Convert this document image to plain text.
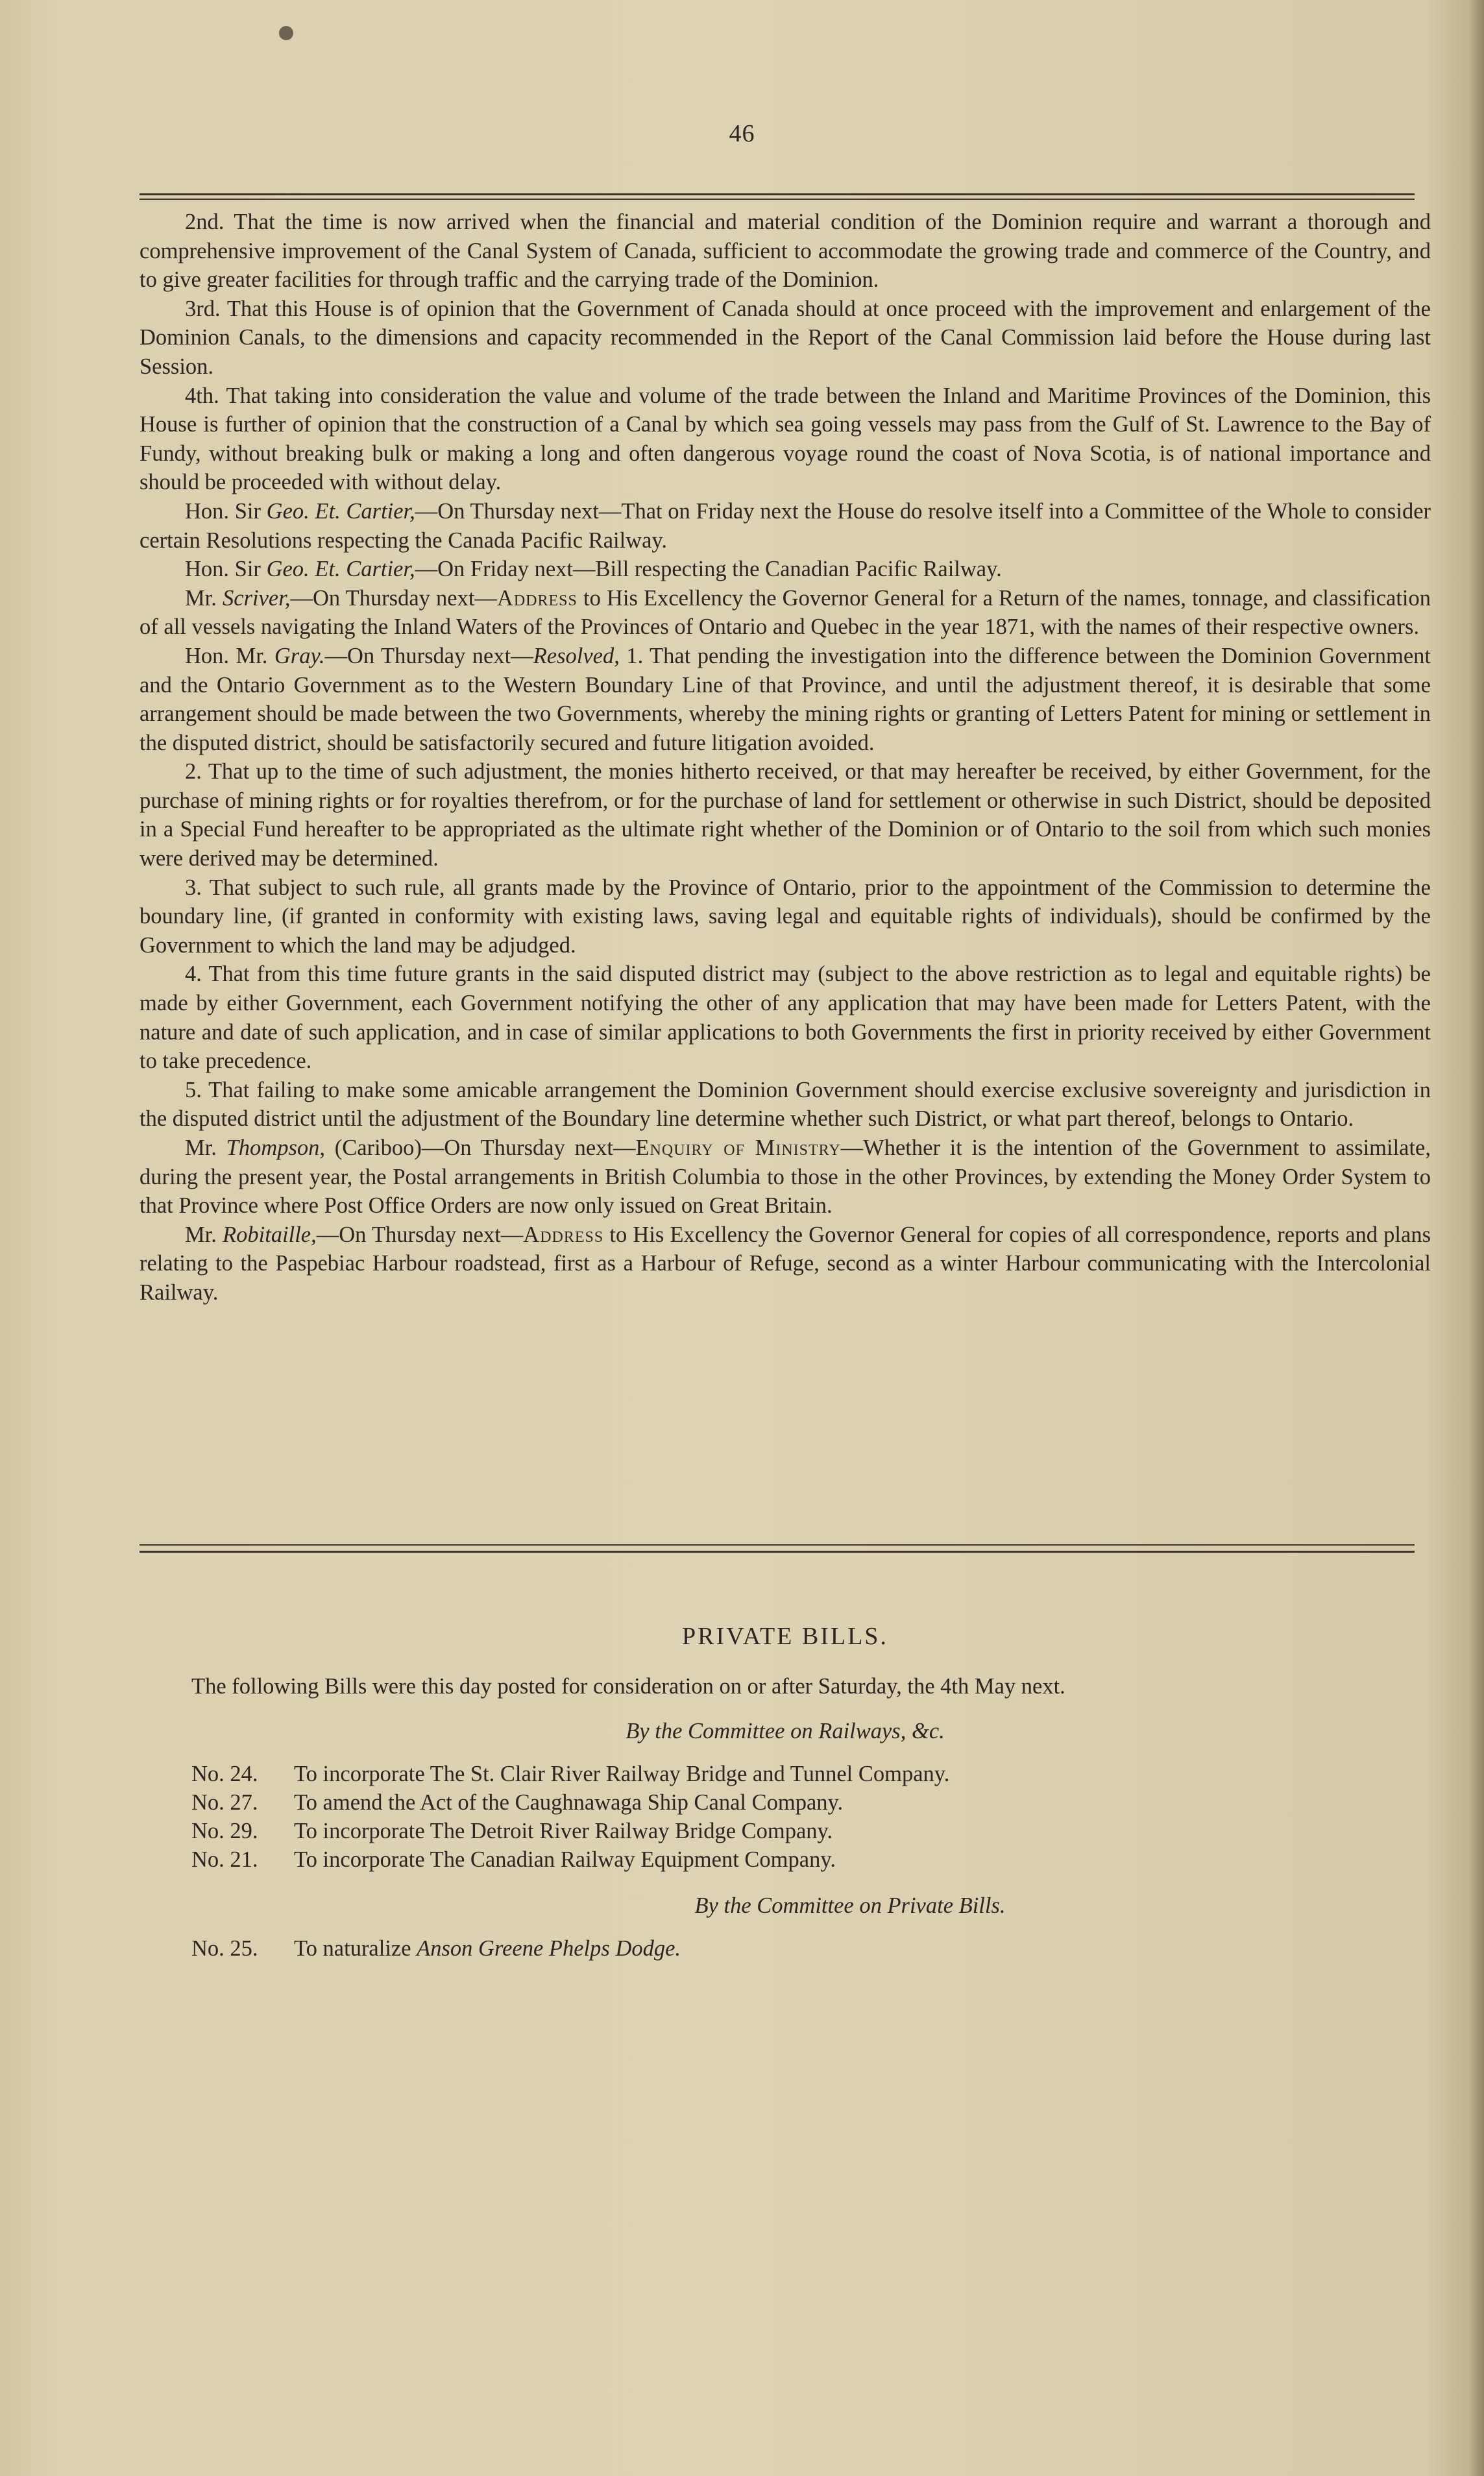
46

2nd. That the time is now arrived when the financial and material condition of the Dominion require and warrant a thorough and comprehensive improvement of the Canal System of Canada, sufficient to accommodate the growing trade and commerce of the Country, and to give greater facilities for through traffic and the carrying trade of the Dominion.

3rd. That this House is of opinion that the Government of Canada should at once proceed with the improvement and enlargement of the Dominion Canals, to the dimensions and capacity recommended in the Report of the Canal Commission laid before the House during last Session.

4th. That taking into consideration the value and volume of the trade between the Inland and Maritime Provinces of the Dominion, this House is further of opinion that the construction of a Canal by which sea going vessels may pass from the Gulf of St. Lawrence to the Bay of Fundy, without breaking bulk or making a long and often dangerous voyage round the coast of Nova Scotia, is of national importance and should be proceeded with without delay.

Hon. Sir Geo. Et. Cartier,—On Thursday next—That on Friday next the House do resolve itself into a Committee of the Whole to consider certain Resolutions respecting the Canada Pacific Railway.

Hon. Sir Geo. Et. Cartier,—On Friday next—Bill respecting the Canadian Pacific Railway.

Mr. Scriver,—On Thursday next—Address to His Excellency the Governor General for a Return of the names, tonnage, and classification of all vessels navigating the Inland Waters of the Provinces of Ontario and Quebec in the year 1871, with the names of their respective owners.

Hon. Mr. Gray.—On Thursday next—Resolved, 1. That pending the investigation into the difference between the Dominion Government and the Ontario Government as to the Western Boundary Line of that Province, and until the adjustment thereof, it is desirable that some arrangement should be made between the two Governments, whereby the mining rights or granting of Letters Patent for mining or settlement in the disputed district, should be satisfactorily secured and future litigation avoided.

2. That up to the time of such adjustment, the monies hitherto received, or that may hereafter be received, by either Government, for the purchase of mining rights or for royalties therefrom, or for the purchase of land for settlement or otherwise in such District, should be deposited in a Special Fund hereafter to be appropriated as the ultimate right whether of the Dominion or of Ontario to the soil from which such monies were derived may be determined.

3. That subject to such rule, all grants made by the Province of Ontario, prior to the appointment of the Commission to determine the boundary line, (if granted in conformity with existing laws, saving legal and equitable rights of individuals), should be confirmed by the Government to which the land may be adjudged.

4. That from this time future grants in the said disputed district may (subject to the above restriction as to legal and equitable rights) be made by either Government, each Government notifying the other of any application that may have been made for Letters Patent, with the nature and date of such application, and in case of similar applications to both Governments the first in priority received by either Government to take precedence.

5. That failing to make some amicable arrangement the Dominion Government should exercise exclusive sovereignty and jurisdiction in the disputed district until the adjustment of the Boundary line determine whether such District, or what part thereof, belongs to Ontario.

Mr. Thompson, (Cariboo)—On Thursday next—Enquiry of Ministry—Whether it is the intention of the Government to assimilate, during the present year, the Postal arrangements in British Columbia to those in the other Provinces, by extending the Money Order System to that Province where Post Office Orders are now only issued on Great Britain.

Mr. Robitaille,—On Thursday next—Address to His Excellency the Governor General for copies of all correspondence, reports and plans relating to the Paspebiac Harbour roadstead, first as a Harbour of Refuge, second as a winter Harbour communicating with the Intercolonial Railway.

PRIVATE BILLS.

The following Bills were this day posted for consideration on or after Saturday, the 4th May next.

By the Committee on Railways, &c.

No. 24. To incorporate The St. Clair River Railway Bridge and Tunnel Company.

No. 27. To amend the Act of the Caughnawaga Ship Canal Company.

No. 29. To incorporate The Detroit River Railway Bridge Company.

No. 21. To incorporate The Canadian Railway Equipment Company.

By the Committee on Private Bills.

No. 25. To naturalize Anson Greene Phelps Dodge.
